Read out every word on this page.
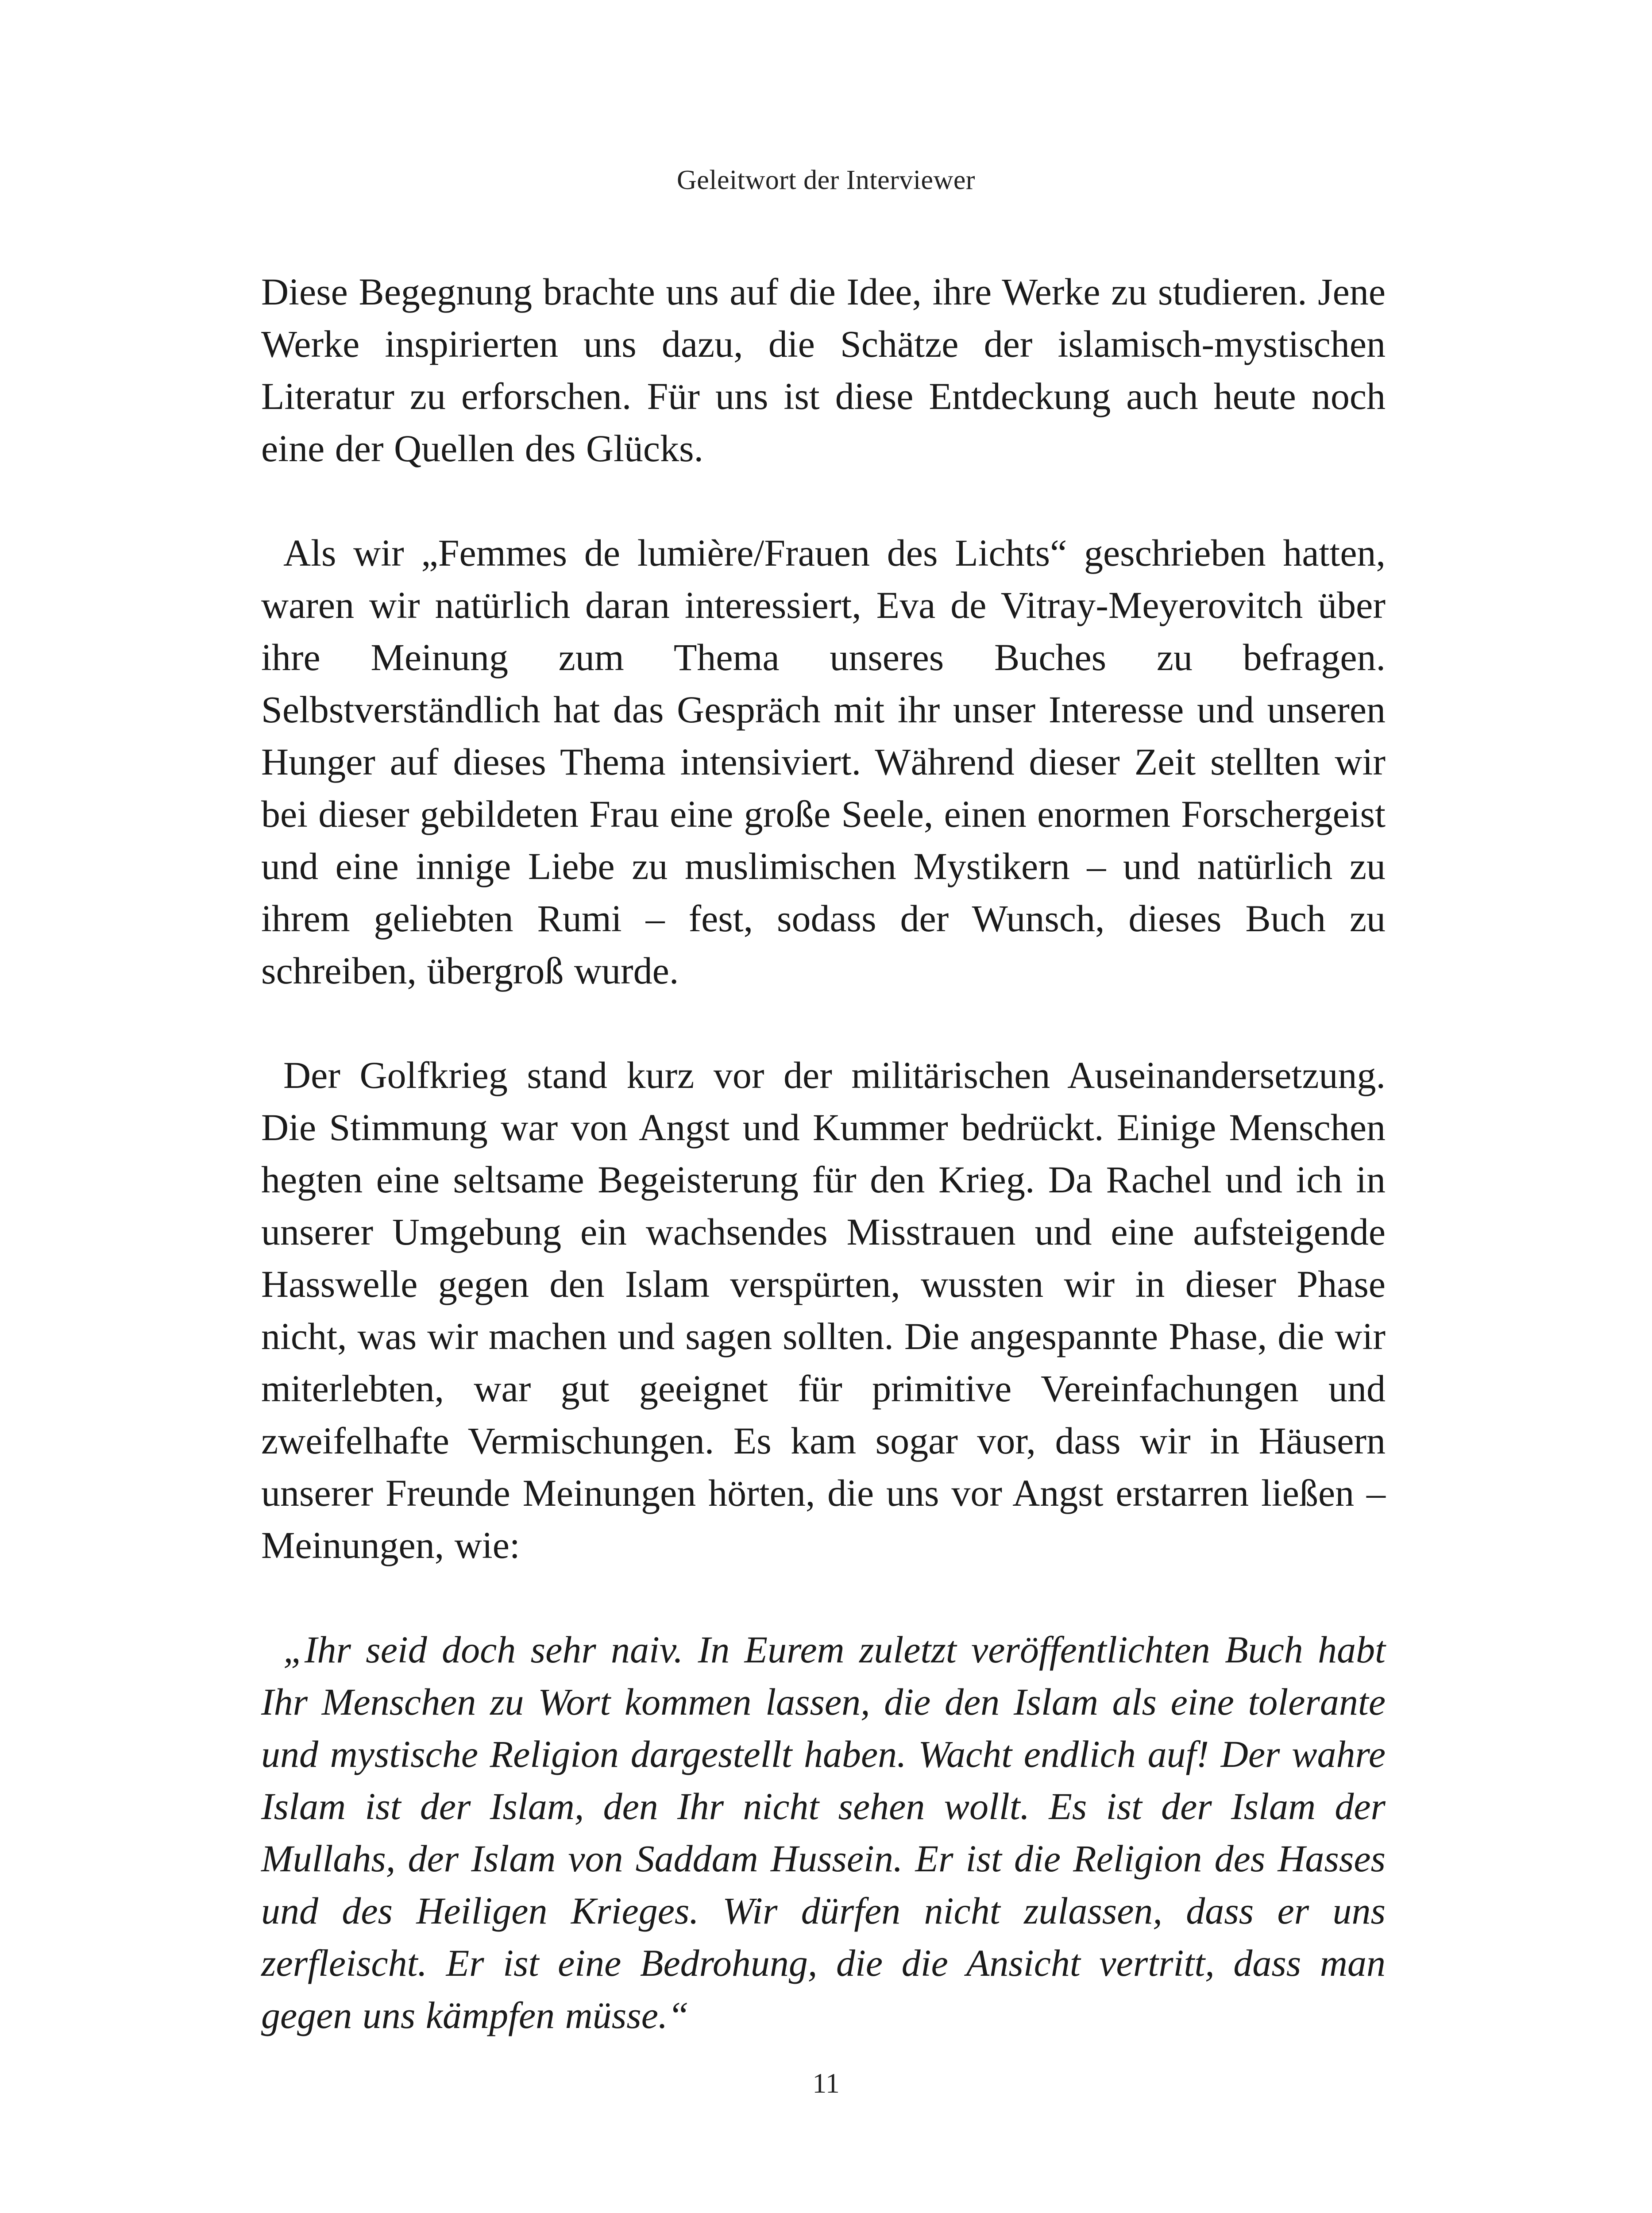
Geleitwort der Interviewer

Diese Begegnung brachte uns auf die Idee, ihre Werke zu studieren. Jene Werke inspirierten uns dazu, die Schätze der islamisch-mystischen Literatur zu erforschen. Für uns ist diese Entdeckung auch heute noch eine der Quellen des Glücks.

Als wir „Femmes de lumière/Frauen des Lichts“ geschrieben hatten, waren wir natürlich daran interessiert, Eva de Vitray-Meyerovitch über ihre Meinung zum Thema unseres Buches zu befragen. Selbstverständlich hat das Gespräch mit ihr unser Interesse und unseren Hunger auf dieses Thema intensiviert. Während dieser Zeit stellten wir bei dieser gebildeten Frau eine große Seele, einen enormen Forschergeist und eine innige Liebe zu muslimischen Mystikern – und natürlich zu ihrem geliebten Rumi – fest, sodass der Wunsch, dieses Buch zu schreiben, übergroß wurde.

Der Golfkrieg stand kurz vor der militärischen Auseinandersetzung. Die Stimmung war von Angst und Kummer bedrückt. Einige Menschen hegten eine seltsame Begeisterung für den Krieg. Da Rachel und ich in unserer Umgebung ein wachsendes Misstrauen und eine aufsteigende Hasswelle gegen den Islam verspürten, wussten wir in dieser Phase nicht, was wir machen und sagen sollten. Die angespannte Phase, die wir miterlebten, war gut geeignet für primitive Vereinfachungen und zweifelhafte Vermischungen. Es kam sogar vor, dass wir in Häusern unserer Freunde Meinungen hörten, die uns vor Angst erstarren ließen – Meinungen, wie:

„Ihr seid doch sehr naiv. In Eurem zuletzt veröffentlichten Buch habt Ihr Menschen zu Wort kommen lassen, die den Islam als eine tolerante und mystische Religion dargestellt haben. Wacht endlich auf! Der wahre Islam ist der Islam, den Ihr nicht sehen wollt. Es ist der Islam der Mullahs, der Islam von Saddam Hussein. Er ist die Religion des Hasses und des Heiligen Krieges. Wir dürfen nicht zulassen, dass er uns zerfleischt. Er ist eine Bedrohung, die die Ansicht vertritt, dass man gegen uns kämpfen müsse.“

11
